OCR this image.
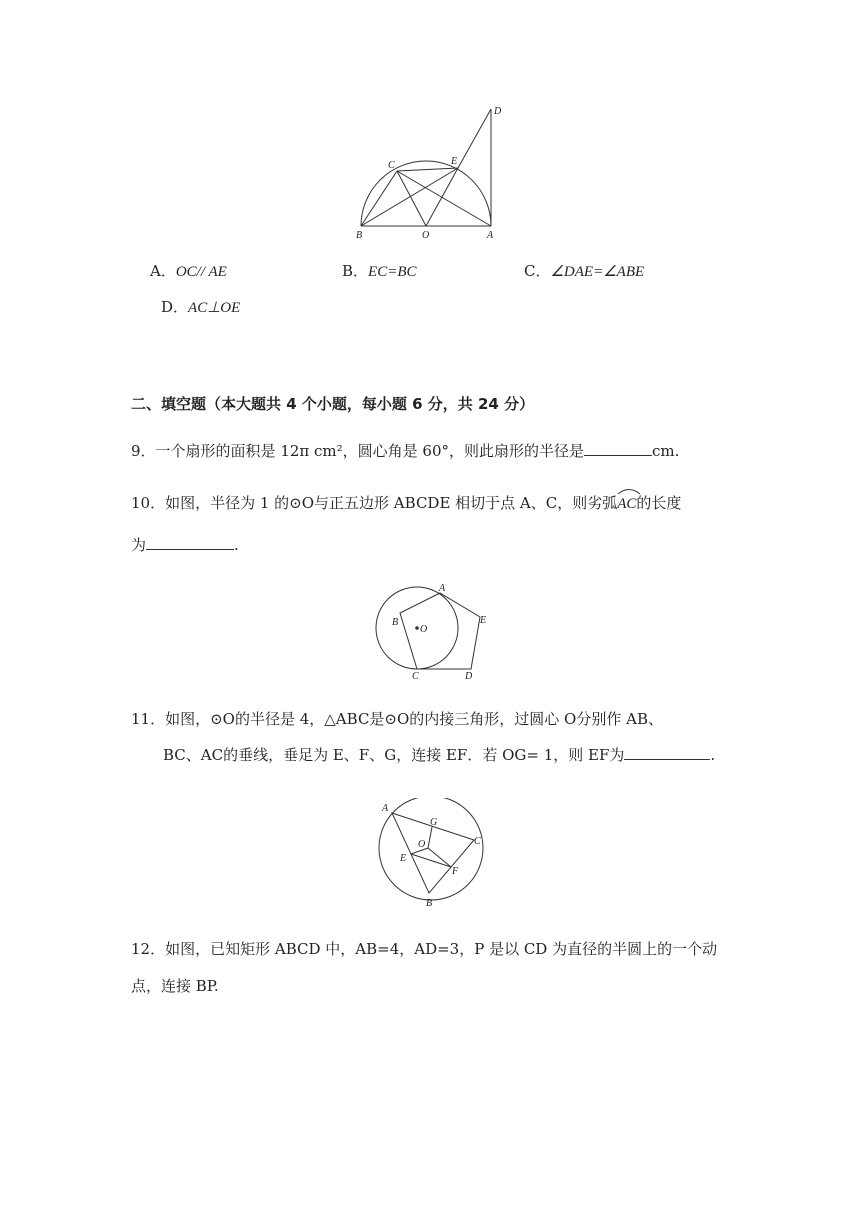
D
C	E
B	O	A
A．OC// AE	B．EC=BC	C．∠DAE=∠ABE
D．AC⊥OE
二、填空题（本大题共 4 个小题，每小题 6 分，共 24 分）
9．一个扇形的面积是 12π cm²，圆心角是 60°，则此扇形的半径是	cm.
10．如图，半径为 1 的⊙O与正五边形 ABCDE 相切于点 A、C，则劣弧
AC的长度
为	.
A
B
O
E
C	D
11．如图，⊙O的半径是 4，△ABC是⊙O的内接三角形，过圆心 O分别作 AB、
BC、AC的垂线，垂足为 E、F、G，连接 EF．若 OG= 1，则 EF为	.
A
G
C
O
E
F
B
12．如图，已知矩形 ABCD 中，AB=4，AD=3，P 是以 CD 为直径的半圆上的一个动
点，连接 BP.
